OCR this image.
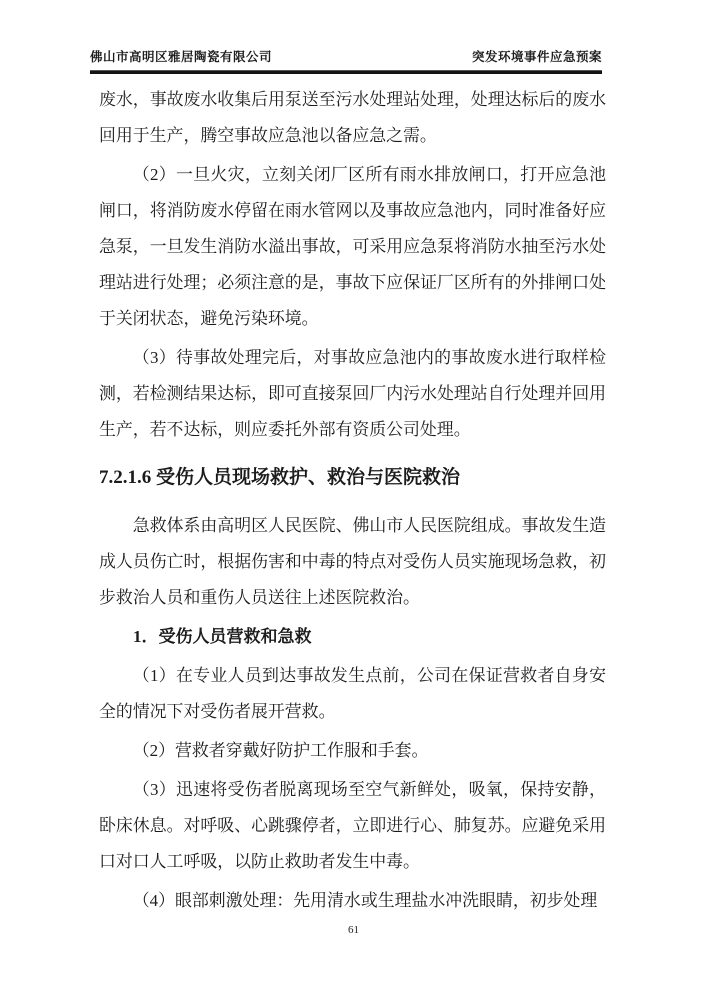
佛山市高明区雅居陶瓷有限公司	突发环境事件应急预案

废水，事故废水收集后用泵送至污水处理站处理，处理达标后的废水回用于生产，腾空事故应急池以备应急之需。

（2）一旦火灾，立刻关闭厂区所有雨水排放闸口，打开应急池闸口，将消防废水停留在雨水管网以及事故应急池内，同时准备好应急泵，一旦发生消防水溢出事故，可采用应急泵将消防水抽至污水处理站进行处理；必须注意的是，事故下应保证厂区所有的外排闸口处于关闭状态，避免污染环境。

（3）待事故处理完后，对事故应急池内的事故废水进行取样检测，若检测结果达标，即可直接泵回厂内污水处理站自行处理并回用生产，若不达标，则应委托外部有资质公司处理。

7.2.1.6 受伤人员现场救护、救治与医院救治

急救体系由高明区人民医院、佛山市人民医院组成。事故发生造成人员伤亡时，根据伤害和中毒的特点对受伤人员实施现场急救，初步救治人员和重伤人员送往上述医院救治。

1．受伤人员营救和急救

（1）在专业人员到达事故发生点前，公司在保证营救者自身安全的情况下对受伤者展开营救。

（2）营救者穿戴好防护工作服和手套。

（3）迅速将受伤者脱离现场至空气新鲜处，吸氧，保持安静，卧床休息。对呼吸、心跳骤停者，立即进行心、肺复苏。应避免采用口对口人工呼吸，以防止救助者发生中毒。

（4）眼部刺激处理：先用清水或生理盐水冲洗眼睛，初步处理

61
